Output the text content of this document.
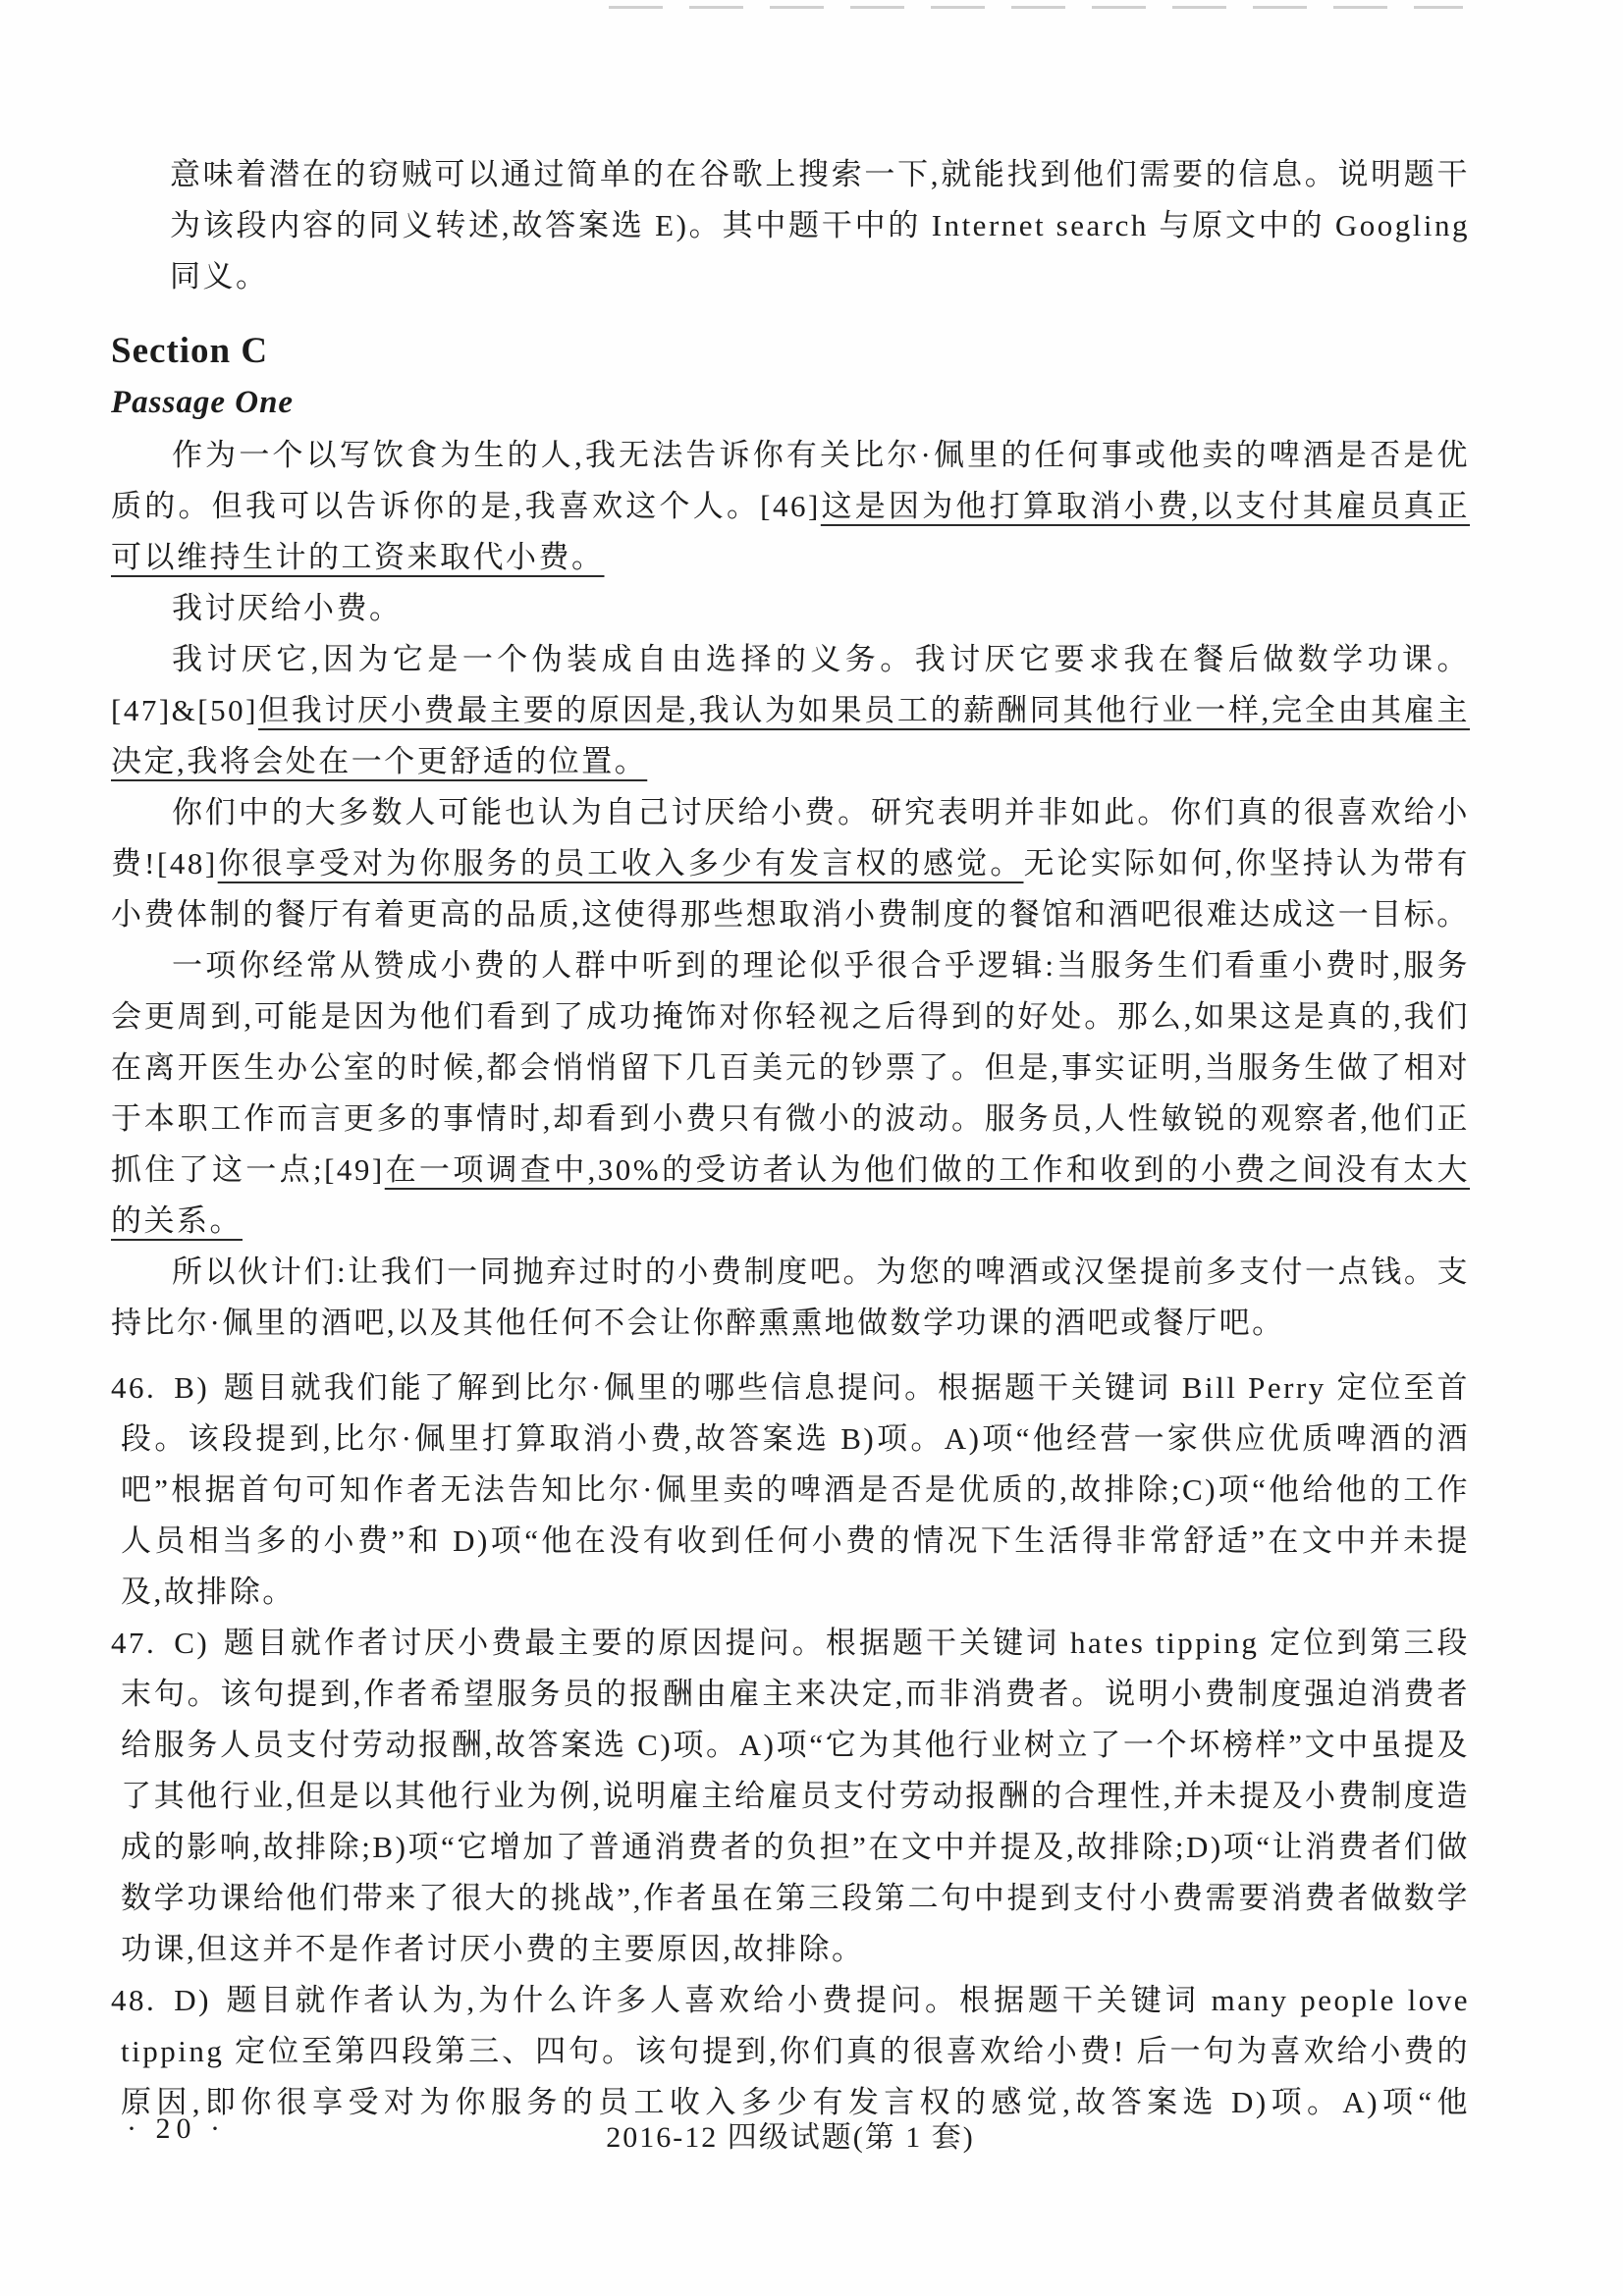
意味着潜在的窃贼可以通过简单的在谷歌上搜索一下,就能找到他们需要的信息。说明题干为该段内容的同义转述,故答案选 E)。其中题干中的 Internet search 与原文中的 Googling 同义。

Section C
Passage One

作为一个以写饮食为生的人,我无法告诉你有关比尔·佩里的任何事或他卖的啤酒是否是优质的。但我可以告诉你的是,我喜欢这个人。[46]这是因为他打算取消小费,以支付其雇员真正可以维持生计的工资来取代小费。

我讨厌给小费。

我讨厌它,因为它是一个伪装成自由选择的义务。我讨厌它要求我在餐后做数学功课。[47]&[50]但我讨厌小费最主要的原因是,我认为如果员工的薪酬同其他行业一样,完全由其雇主决定,我将会处在一个更舒适的位置。

你们中的大多数人可能也认为自己讨厌给小费。研究表明并非如此。你们真的很喜欢给小费![48]你很享受对为你服务的员工收入多少有发言权的感觉。无论实际如何,你坚持认为带有小费体制的餐厅有着更高的品质,这使得那些想取消小费制度的餐馆和酒吧很难达成这一目标。

一项你经常从赞成小费的人群中听到的理论似乎很合乎逻辑:当服务生们看重小费时,服务会更周到,可能是因为他们看到了成功掩饰对你轻视之后得到的好处。那么,如果这是真的,我们在离开医生办公室的时候,都会悄悄留下几百美元的钞票了。但是,事实证明,当服务生做了相对于本职工作而言更多的事情时,却看到小费只有微小的波动。服务员,人性敏锐的观察者,他们正抓住了这一点;[49]在一项调查中,30%的受访者认为他们做的工作和收到的小费之间没有太大的关系。

所以伙计们:让我们一同抛弃过时的小费制度吧。为您的啤酒或汉堡提前多支付一点钱。支持比尔·佩里的酒吧,以及其他任何不会让你醉熏熏地做数学功课的酒吧或餐厅吧。

46. B) 题目就我们能了解到比尔·佩里的哪些信息提问。根据题干关键词 Bill Perry 定位至首段。该段提到,比尔·佩里打算取消小费,故答案选 B)项。A)项“他经营一家供应优质啤酒的酒吧”根据首句可知作者无法告知比尔·佩里卖的啤酒是否是优质的,故排除;C)项“他给他的工作人员相当多的小费”和 D)项“他在没有收到任何小费的情况下生活得非常舒适”在文中并未提及,故排除。
47. C) 题目就作者讨厌小费最主要的原因提问。根据题干关键词 hates tipping 定位到第三段末句。该句提到,作者希望服务员的报酬由雇主来决定,而非消费者。说明小费制度强迫消费者给服务人员支付劳动报酬,故答案选 C)项。A)项“它为其他行业树立了一个坏榜样”文中虽提及了其他行业,但是以其他行业为例,说明雇主给雇员支付劳动报酬的合理性,并未提及小费制度造成的影响,故排除;B)项“它增加了普通消费者的负担”在文中并提及,故排除;D)项“让消费者们做数学功课给他们带来了很大的挑战”,作者虽在第三段第二句中提到支付小费需要消费者做数学功课,但这并不是作者讨厌小费的主要原因,故排除。
48. D) 题目就作者认为,为什么许多人喜欢给小费提问。根据题干关键词 many people love tipping 定位至第四段第三、四句。该句提到,你们真的很喜欢给小费! 后一句为喜欢给小费的原因,即你很享受对为你服务的员工收入多少有发言权的感觉,故答案选 D)项。A)项“他
· 20 ·	2016-12 四级试题(第 1 套)
